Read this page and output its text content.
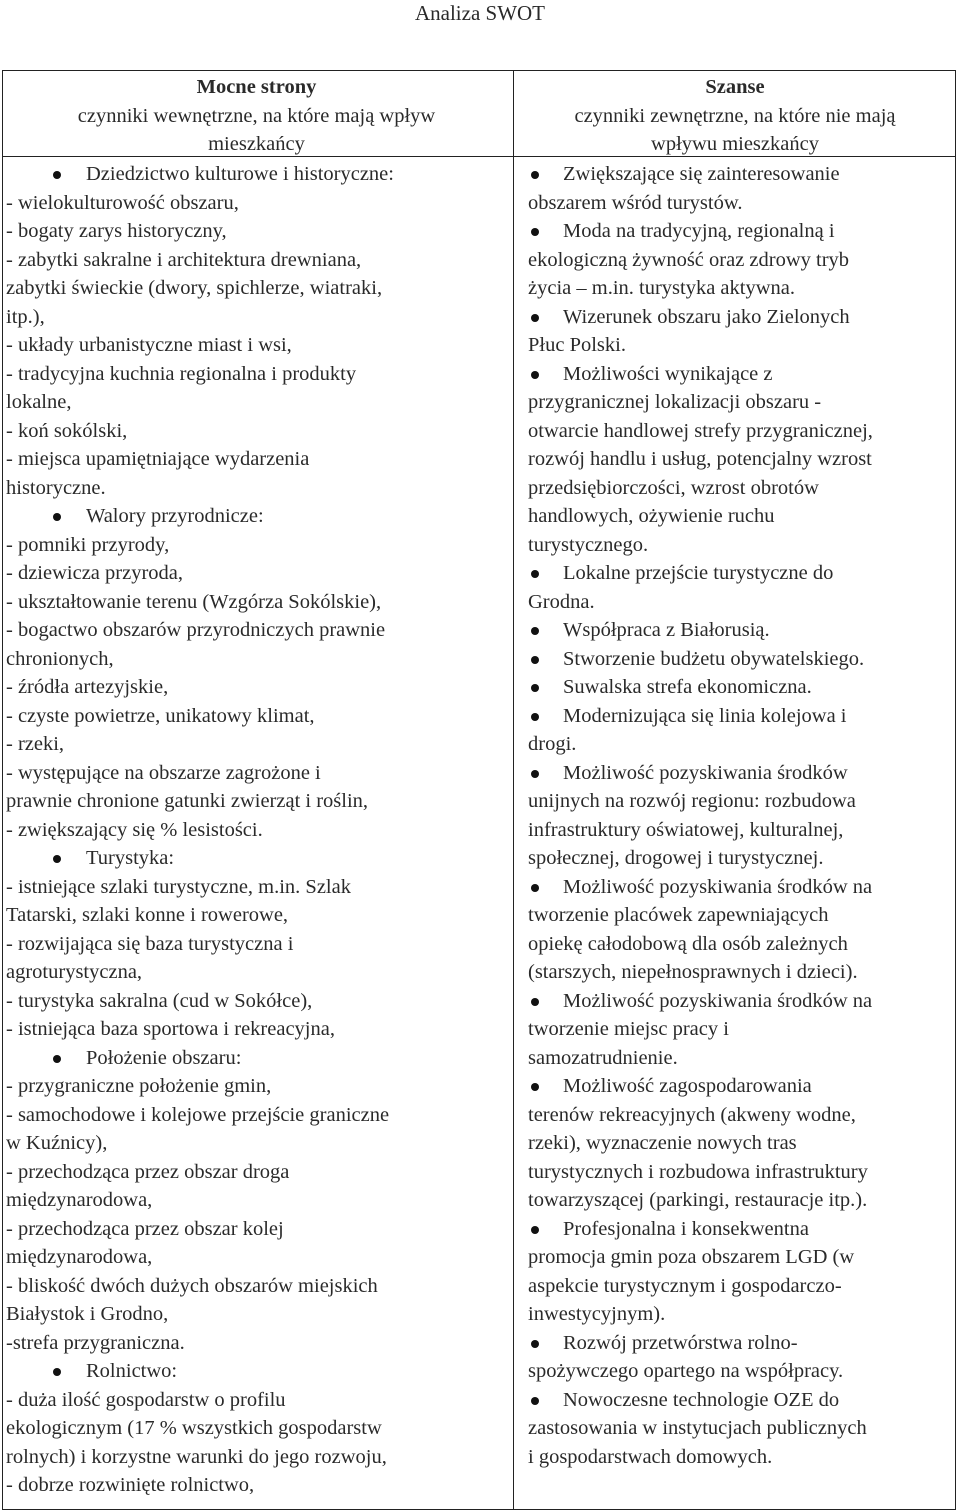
Analiza SWOT
Mocne strony
czynniki wewnętrzne, na które mają wpływ
mieszkańcy
Szanse
czynniki zewnętrzne, na które nie mają
wpływu mieszkańcy
Dziedzictwo kulturowe i historyczne:
- wielokulturowość obszaru,
- bogaty zarys historyczny,
- zabytki sakralne i architektura drewniana,
zabytki świeckie (dwory, spichlerze, wiatraki,
itp.),
- układy urbanistyczne miast i wsi,
- tradycyjna kuchnia regionalna i produkty
lokalne,
- koń sokólski,
- miejsca upamiętniające wydarzenia
historyczne.
Walory przyrodnicze:
- pomniki przyrody,
- dziewicza przyroda,
- ukształtowanie terenu (Wzgórza Sokólskie),
- bogactwo obszarów przyrodniczych prawnie
chronionych,
- źródła artezyjskie,
- czyste powietrze, unikatowy klimat,
- rzeki,
- występujące na obszarze zagrożone i
prawnie chronione gatunki zwierząt i roślin,
- zwiększający się % lesistości.
Turystyka:
- istniejące szlaki turystyczne, m.in. Szlak
Tatarski, szlaki konne i rowerowe,
- rozwijająca się baza turystyczna i
agroturystyczna,
- turystyka sakralna (cud w Sokółce),
- istniejąca baza sportowa i rekreacyjna,
Położenie obszaru:
- przygraniczne położenie gmin,
- samochodowe i kolejowe przejście graniczne
w Kuźnicy),
- przechodząca przez obszar droga
międzynarodowa,
- przechodząca przez obszar kolej
międzynarodowa,
- bliskość dwóch dużych obszarów miejskich
Białystok i Grodno,
-strefa przygraniczna.
Rolnictwo:
- duża ilość gospodarstw o profilu
ekologicznym (17 % wszystkich gospodarstw
rolnych) i korzystne warunki do jego rozwoju,
- dobrze rozwinięte rolnictwo,
Zwiększające się zainteresowanie
obszarem wśród turystów.
Moda na tradycyjną, regionalną i
ekologiczną żywność oraz zdrowy tryb
życia – m.in. turystyka aktywna.
Wizerunek obszaru jako Zielonych
Płuc Polski.
Możliwości wynikające z
przygranicznej lokalizacji obszaru -
otwarcie handlowej strefy przygranicznej,
rozwój handlu i usług, potencjalny wzrost
przedsiębiorczości, wzrost obrotów
handlowych, ożywienie ruchu
turystycznego.
Lokalne przejście turystyczne do
Grodna.
Współpraca z Białorusią.
Stworzenie budżetu obywatelskiego.
Suwalska strefa ekonomiczna.
Modernizująca się linia kolejowa i
drogi.
Możliwość pozyskiwania środków
unijnych na rozwój regionu: rozbudowa
infrastruktury oświatowej, kulturalnej,
społecznej, drogowej i turystycznej.
Możliwość pozyskiwania środków na
tworzenie placówek zapewniających
opiekę całodobową dla osób zależnych
(starszych, niepełnosprawnych i dzieci).
Możliwość pozyskiwania środków na
tworzenie miejsc pracy i
samozatrudnienie.
Możliwość zagospodarowania
terenów rekreacyjnych (akweny wodne,
rzeki), wyznaczenie nowych tras
turystycznych i rozbudowa infrastruktury
towarzyszącej (parkingi, restauracje itp.).
Profesjonalna i konsekwentna
promocja gmin poza obszarem LGD (w
aspekcie turystycznym i gospodarczo-
inwestycyjnym).
Rozwój przetwórstwa rolno-
spożywczego opartego na współpracy.
Nowoczesne technologie OZE do
zastosowania w instytucjach publicznych
i gospodarstwach domowych.
